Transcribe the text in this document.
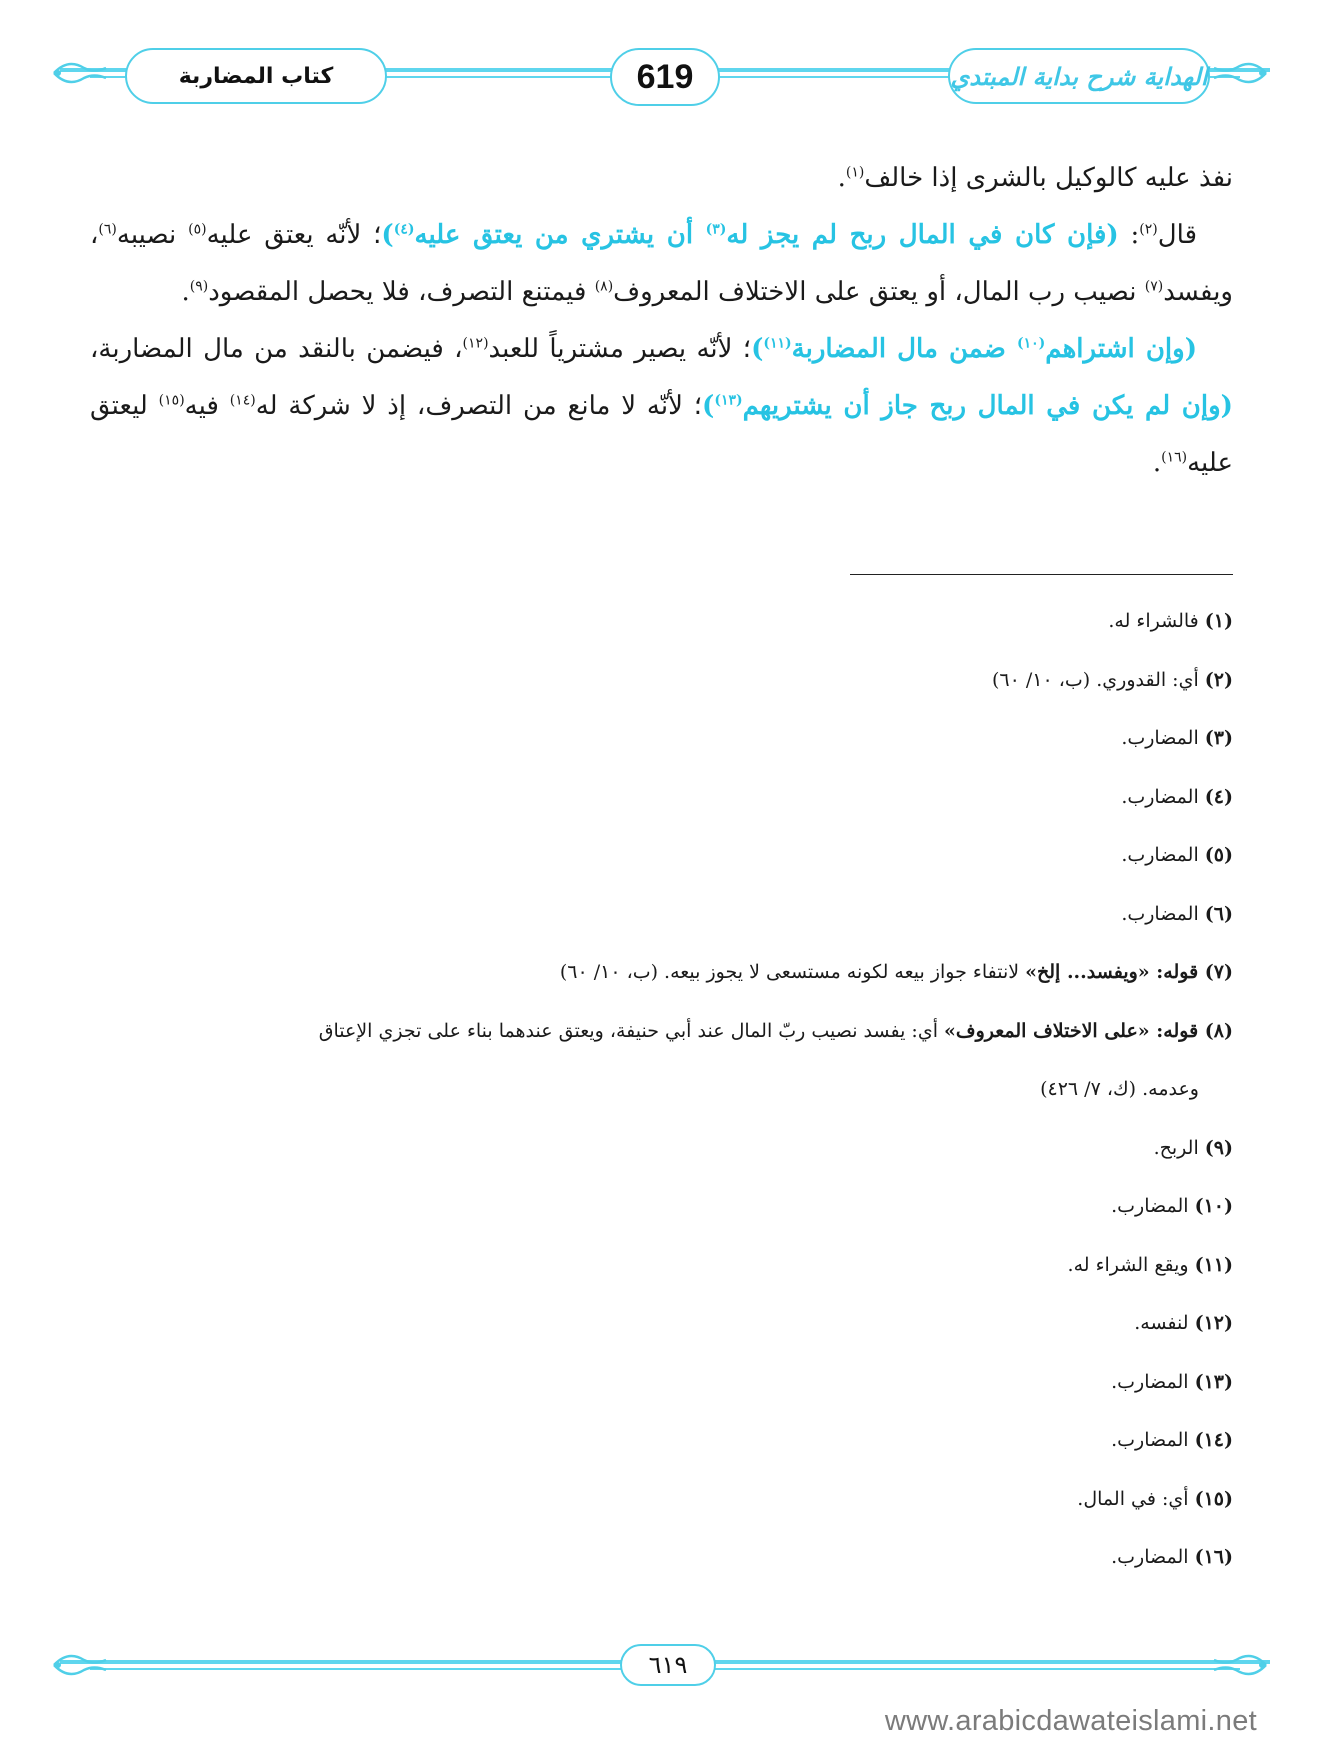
كتاب المضاربة	619	الهداية شرح بداية المبتدي

نفذ عليه كالوكيل بالشرى إذا خالف$^{(١)}$.

قال$^{(٢)}$: (فإن كان في المال ربح لم يجز له$^{(٣)}$ أن يشتري من يعتق عليه$^{(٤)}$)؛ لأنّه يعتق عليه$^{(٥)}$ نصيبه$^{(٦)}$، ويفسد$^{(٧)}$ نصيب رب المال، أو يعتق على الاختلاف المعروف$^{(٨)}$ فيمتنع التصرف، فلا يحصل المقصود$^{(٩)}$.

(وإن اشتراهم$^{(١٠)}$ ضمن مال المضاربة$^{(١١)}$)؛ لأنّه يصير مشترياً للعبد$^{(١٢)}$، فيضمن بالنقد من مال المضاربة، (وإن لم يكن في المال ربح جاز أن يشتريهم$^{(١٣)}$)؛ لأنّه لا مانع من التصرف، إذ لا شركة له$^{(١٤)}$ فيه$^{(١٥)}$ ليعتق عليه$^{(١٦)}$.

(١) فالشراء له.
(٢) أي: القدوري. (ب، ١٠/ ٦٠)
(٣) المضارب.
(٤) المضارب.
(٥) المضارب.
(٦) المضارب.
(٧) قوله: «ويفسد... إلخ» لانتفاء جواز بيعه لكونه مستسعى لا يجوز بيعه. (ب، ١٠/ ٦٠)
(٨) قوله: «على الاختلاف المعروف» أي: يفسد نصيب ربّ المال عند أبي حنيفة، ويعتق عندهما بناء على تجزي الإعتاق
وعدمه. (ك، ٧/ ٤٢٦)
(٩) الربح.
(١٠) المضارب.
(١١) ويقع الشراء له.
(١٢) لنفسه.
(١٣) المضارب.
(١٤) المضارب.
(١٥) أي: في المال.
(١٦) المضارب.
٦١٩
www.arabicdawateislami.net
